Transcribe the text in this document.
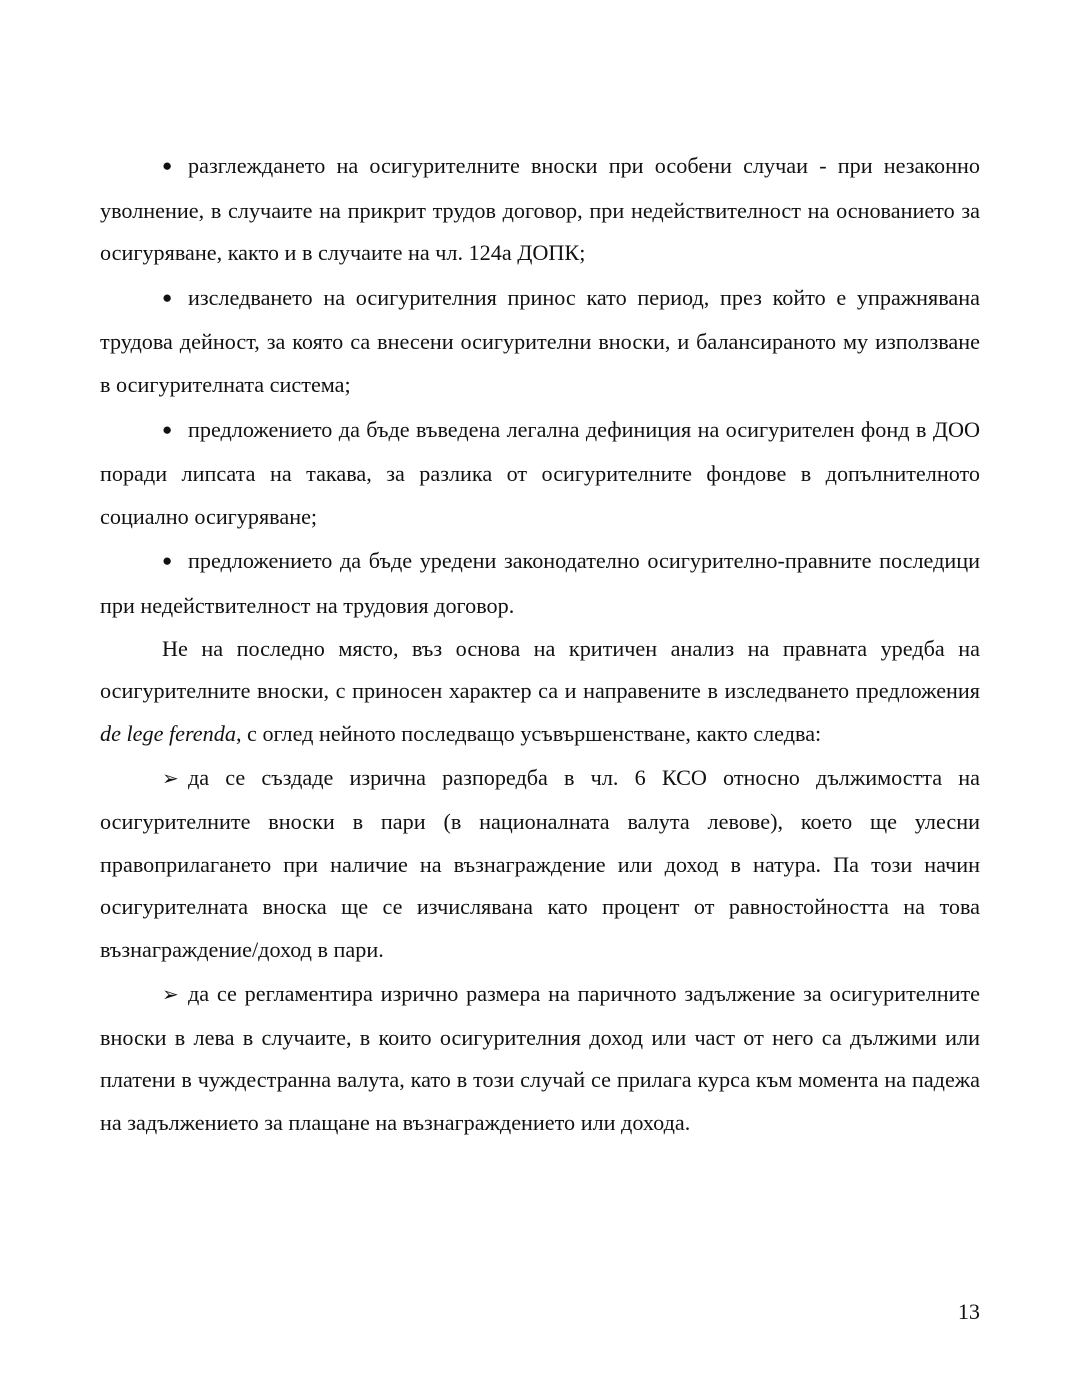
● разглеждането на осигурителните вноски при особени случаи - при незаконно уволнение, в случаите на прикрит трудов договор, при недействителност на основанието за осигуряване, както и в случаите на чл. 124а ДОПК;

● изследването на осигурителния принос като период, през който е упражнявана трудова дейност, за която са внесени осигурителни вноски, и балансираното му използване в осигурителната система;

● предложението да бъде въведена легална дефиниция на осигурителен фонд в ДОО поради липсата на такава, за разлика от осигурителните фондове в допълнителното социално осигуряване;

● предложението да бъде уредени законодателно осигурително-правните последици при недействителност на трудовия договор.

Не на последно място, въз основа на критичен анализ на правната уредба на осигурителните вноски, с приносен характер са и направените в изследването предложения de lege ferenda, с оглед нейното последващо усъвършенстване, както следва:

➢ да се създаде изрична разпоредба в чл. 6 КСО относно дължимостта на осигурителните вноски в пари (в националната валута левове), което ще улесни правоприлагането при наличие на възнаграждение или доход в натура. Па този начин осигурителната вноска ще се изчислявана като процент от равностойността на това възнаграждение/доход в пари.

➢ да се регламентира изрично размера на паричното задължение за осигурителните вноски в лева в случаите, в които осигурителния доход или част от него са дължими или платени в чуждестранна валута, като в този случай се прилага курса към момента на падежа на задължението за плащане на възнаграждението или дохода.

13
